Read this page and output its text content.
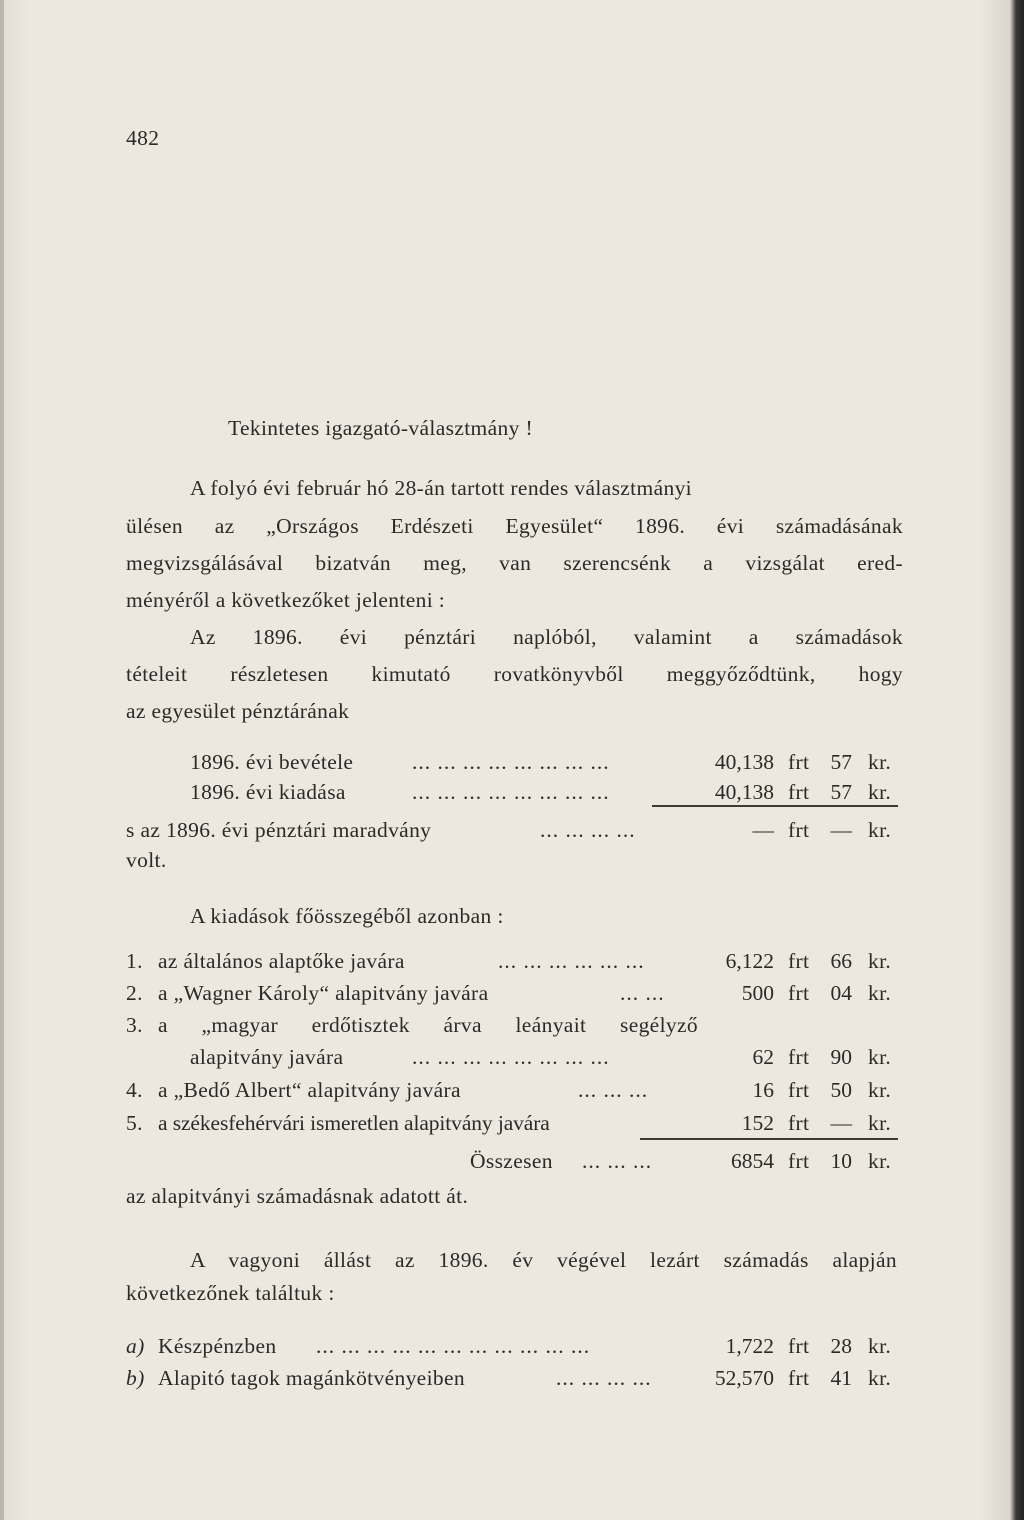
482
Tekintetes igazgató-választmány !
A folyó évi február hó 28-án tartott rendes választmányi
ülésen az „Országos Erdészeti Egyesület“ 1896. évi számadásának
megvizsgálásával bizatván meg, van szerencsénk a vizsgálat ered-
ményéről a következőket jelenteni :
Az 1896. évi pénztári naplóból, valamint a számadások
tételeit részletesen kimutató rovatkönyvből meggyőződtünk, hogy
az egyesület pénztárának
1896. évi bevétele	... ... ... ... ... ... ... ...	40,138 frt 57 kr.
1896. évi kiadása	... ... ... ... ... ... ... ...	40,138 frt 57 kr.
s az 1896. évi pénztári maradvány	... ... ... ...	— frt — kr.
volt.
A kiadások főösszegéből azonban :
1. az általános alaptőke javára	... ... ... ... ... ...	6,122 frt 66 kr.
2. a „Wagner Károly“ alapitvány javára	... ...	500 frt 04 kr.
3. a „magyar erdőtisztek árva leányait segélyző
alapitvány javára	... ... ... ... ... ... ... ...	62 frt 90 kr.
4. a „Bedő Albert“ alapitvány javára	... ... ...	16 frt 50 kr.
5. a székesfehérvári ismeretlen alapitvány javára	152 frt — kr.
Összesen ... ... ...	6854 frt 10 kr.
az alapitványi számadásnak adatott át.
A vagyoni állást az 1896. év végével lezárt számadás alapján
következőnek találtuk :
a) Készpénzben ... ... ... ... ... ... ... ... ... ... ...	1,722 frt 28 kr.
b) Alapitó tagok magánkötvényeiben	... ... ... ...	52,570 frt 41 kr.
